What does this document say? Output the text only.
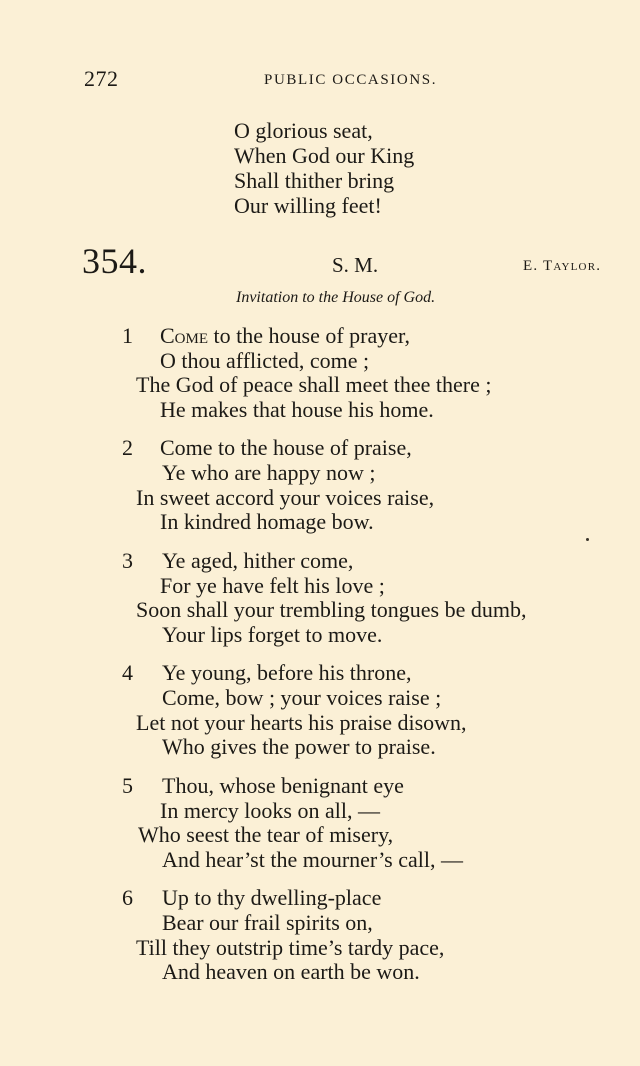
272	PUBLIC OCCASIONS.
O glorious seat,
When God our King
Shall thither bring
Our willing feet!
354.	S. M.	E. Taylor.
Invitation to the House of God.
1 Come to the house of prayer,
O thou afflicted, come ;
The God of peace shall meet thee there ;
He makes that house his home.
2 Come to the house of praise,
Ye who are happy now ;
In sweet accord your voices raise,
In kindred homage bow.
3 Ye aged, hither come,
For ye have felt his love ;
Soon shall your trembling tongues be dumb,
Your lips forget to move.
4 Ye young, before his throne,
Come, bow ; your voices raise ;
Let not your hearts his praise disown,
Who gives the power to praise.
5 Thou, whose benignant eye
In mercy looks on all, —
Who seest the tear of misery,
And hear’st the mourner’s call, —
6 Up to thy dwelling-place
Bear our frail spirits on,
Till they outstrip time’s tardy pace,
And heaven on earth be won.
